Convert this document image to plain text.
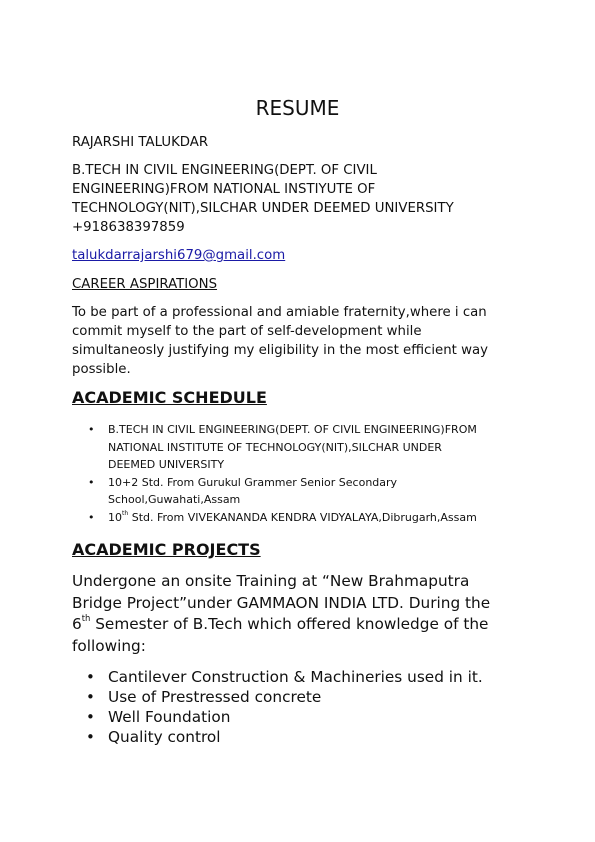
RESUME
RAJARSHI TALUKDAR
B.TECH IN CIVIL ENGINEERING(DEPT. OF CIVIL
ENGINEERING)FROM NATIONAL INSTIYUTE OF
TECHNOLOGY(NIT),SILCHAR UNDER DEEMED UNIVERSITY
+918638397859
talukdarrajarshi679@gmail.com
CAREER ASPIRATIONS
To be part of a professional and amiable fraternity,where i can
commit myself to the part of self-development while
simultaneosly justifying my eligibility in the most efficient way
possible.
ACADEMIC SCHEDULE
• B.TECH IN CIVIL ENGINEERING(DEPT. OF CIVIL ENGINEERING)FROM
NATIONAL INSTITUTE OF TECHNOLOGY(NIT),SILCHAR UNDER
DEEMED UNIVERSITY
• 10+2 Std. From Gurukul Grammer Senior Secondary
School,Guwahati,Assam
• 10th Std. From VIVEKANANDA KENDRA VIDYALAYA,Dibrugarh,Assam
ACADEMIC PROJECTS
Undergone an onsite Training at “New Brahmaputra
Bridge Project”under GAMMAON INDIA LTD. During the
6th Semester of B.Tech which offered knowledge of the
following:
• Cantilever Construction & Machineries used in it.
• Use of Prestressed concrete
• Well Foundation
• Quality control
